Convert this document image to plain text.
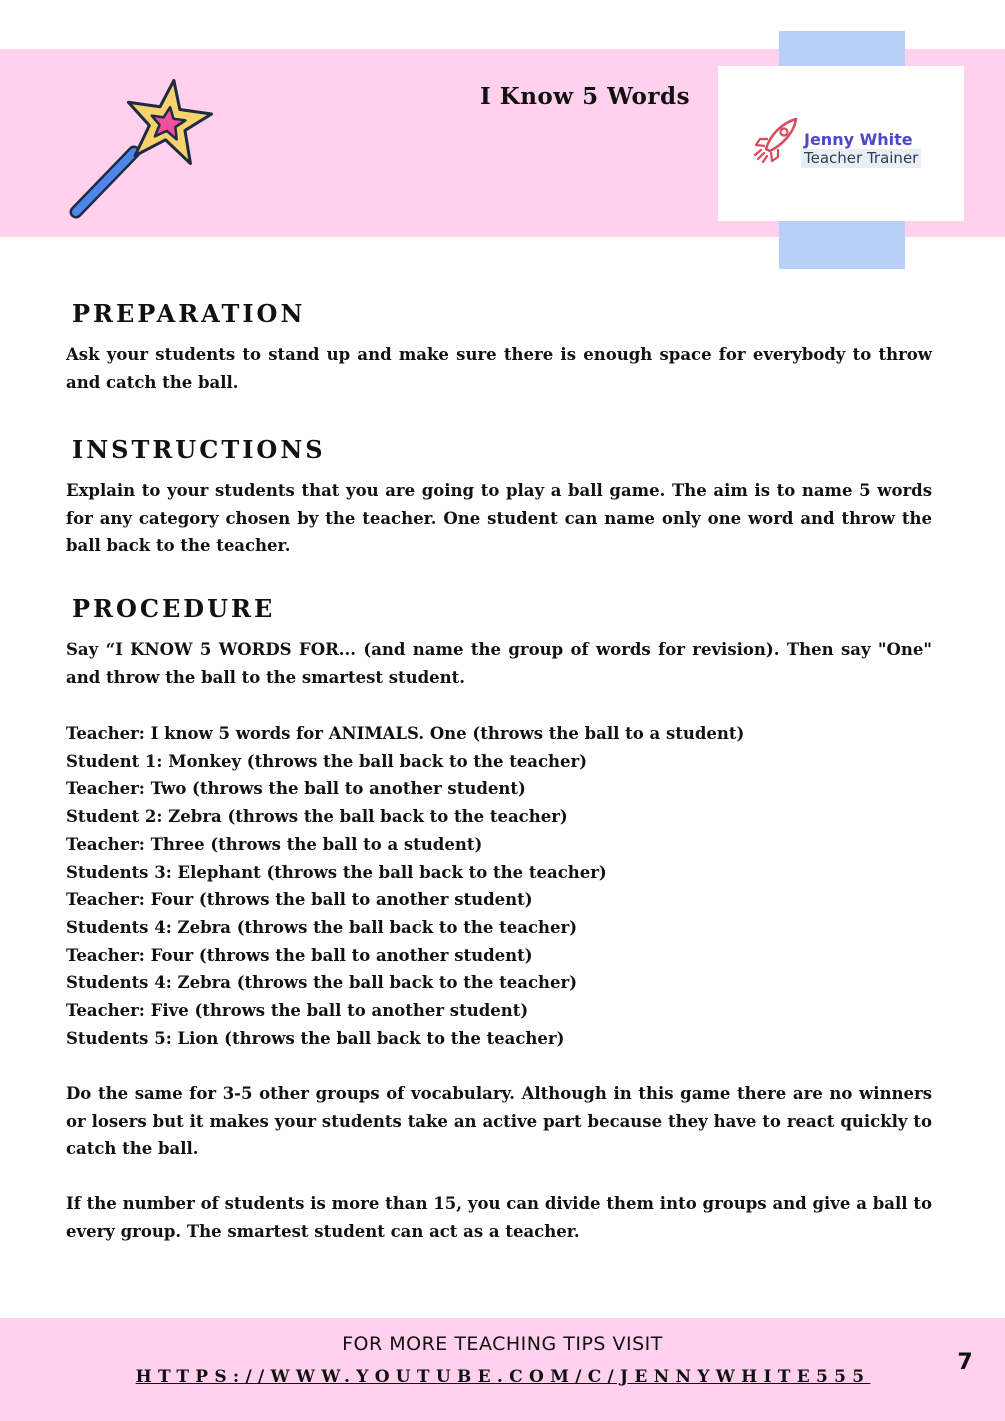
I Know 5 Words
Jenny White
Teacher Trainer
PREPARATION

Ask your students to stand up and make sure there is enough space for everybody to throw and catch the ball.

INSTRUCTIONS

Explain to your students that you are going to play a ball game. The aim is to name 5 words for any category chosen by the teacher. One student can name only one word and throw the ball back to the teacher.

PROCEDURE

Say “I KNOW 5 WORDS FOR... (and name the group of words for revision). Then say "One" and throw the ball to the smartest student.

Teacher: I know 5 words for ANIMALS. One (throws the ball to a student)
Student 1: Monkey (throws the ball back to the teacher)
Teacher: Two (throws the ball to another student)
Student 2: Zebra (throws the ball back to the teacher)
Teacher: Three (throws the ball to a student)
Students 3: Elephant (throws the ball back to the teacher)
Teacher: Four (throws the ball to another student)
Students 4: Zebra (throws the ball back to the teacher)
Teacher: Four (throws the ball to another student)
Students 4: Zebra (throws the ball back to the teacher)
Teacher: Five (throws the ball to another student)
Students 5: Lion (throws the ball back to the teacher)

Do the same for 3-5 other groups of vocabulary. Although in this game there are no winners or losers but it makes your students take an active part because they have to react quickly to catch the ball.

If the number of students is more than 15, you can divide them into groups and give a ball to every group. The smartest student can act as a teacher.

FOR MORE TEACHING TIPS VISIT
HTTPS://WWW.YOUTUBE.COM/C/JENNYWHITE555
7
